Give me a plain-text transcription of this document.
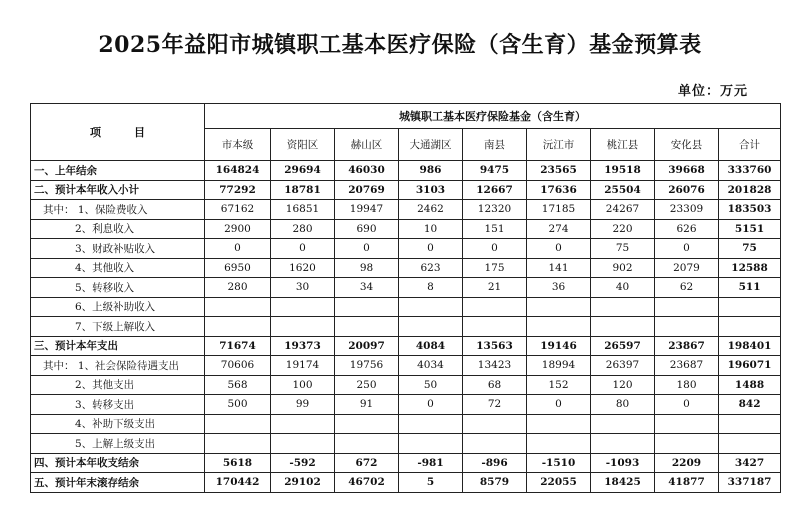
2025年益阳市城镇职工基本医疗保险（含生育）基金预算表
单位：万元
项　　　目	城镇职工基本医疗保险基金（含生育）								
	市本级	资阳区	赫山区	大通湖区	南县	沅江市	桃江县	安化县	合计
一、上年结余	164824	29694	46030	986	9475	23565	19518	39668	333760
二、预计本年收入小计	77292	18781	20769	3103	12667	17636	25504	26076	201828
其中： 1、保险费收入	67162	16851	19947	2462	12320	17185	24267	23309	183503
2、利息收入	2900	280	690	10	151	274	220	626	5151
3、财政补贴收入	0	0	0	0	0	0	75	0	75
4、其他收入	6950	1620	98	623	175	141	902	2079	12588
5、转移收入	280	30	34	8	21	36	40	62	511
6、上级补助收入									
7、下级上解收入									
三、预计本年支出	71674	19373	20097	4084	13563	19146	26597	23867	198401
其中： 1、社会保险待遇支出	70606	19174	19756	4034	13423	18994	26397	23687	196071
2、其他支出	568	100	250	50	68	152	120	180	1488
3、转移支出	500	99	91	0	72	0	80	0	842
4、补助下级支出									
5、上解上级支出									
四、预计本年收支结余	5618	-592	672	-981	-896	-1510	-1093	2209	3427
五、预计年末滚存结余	170442	29102	46702	5	8579	22055	18425	41877	337187
